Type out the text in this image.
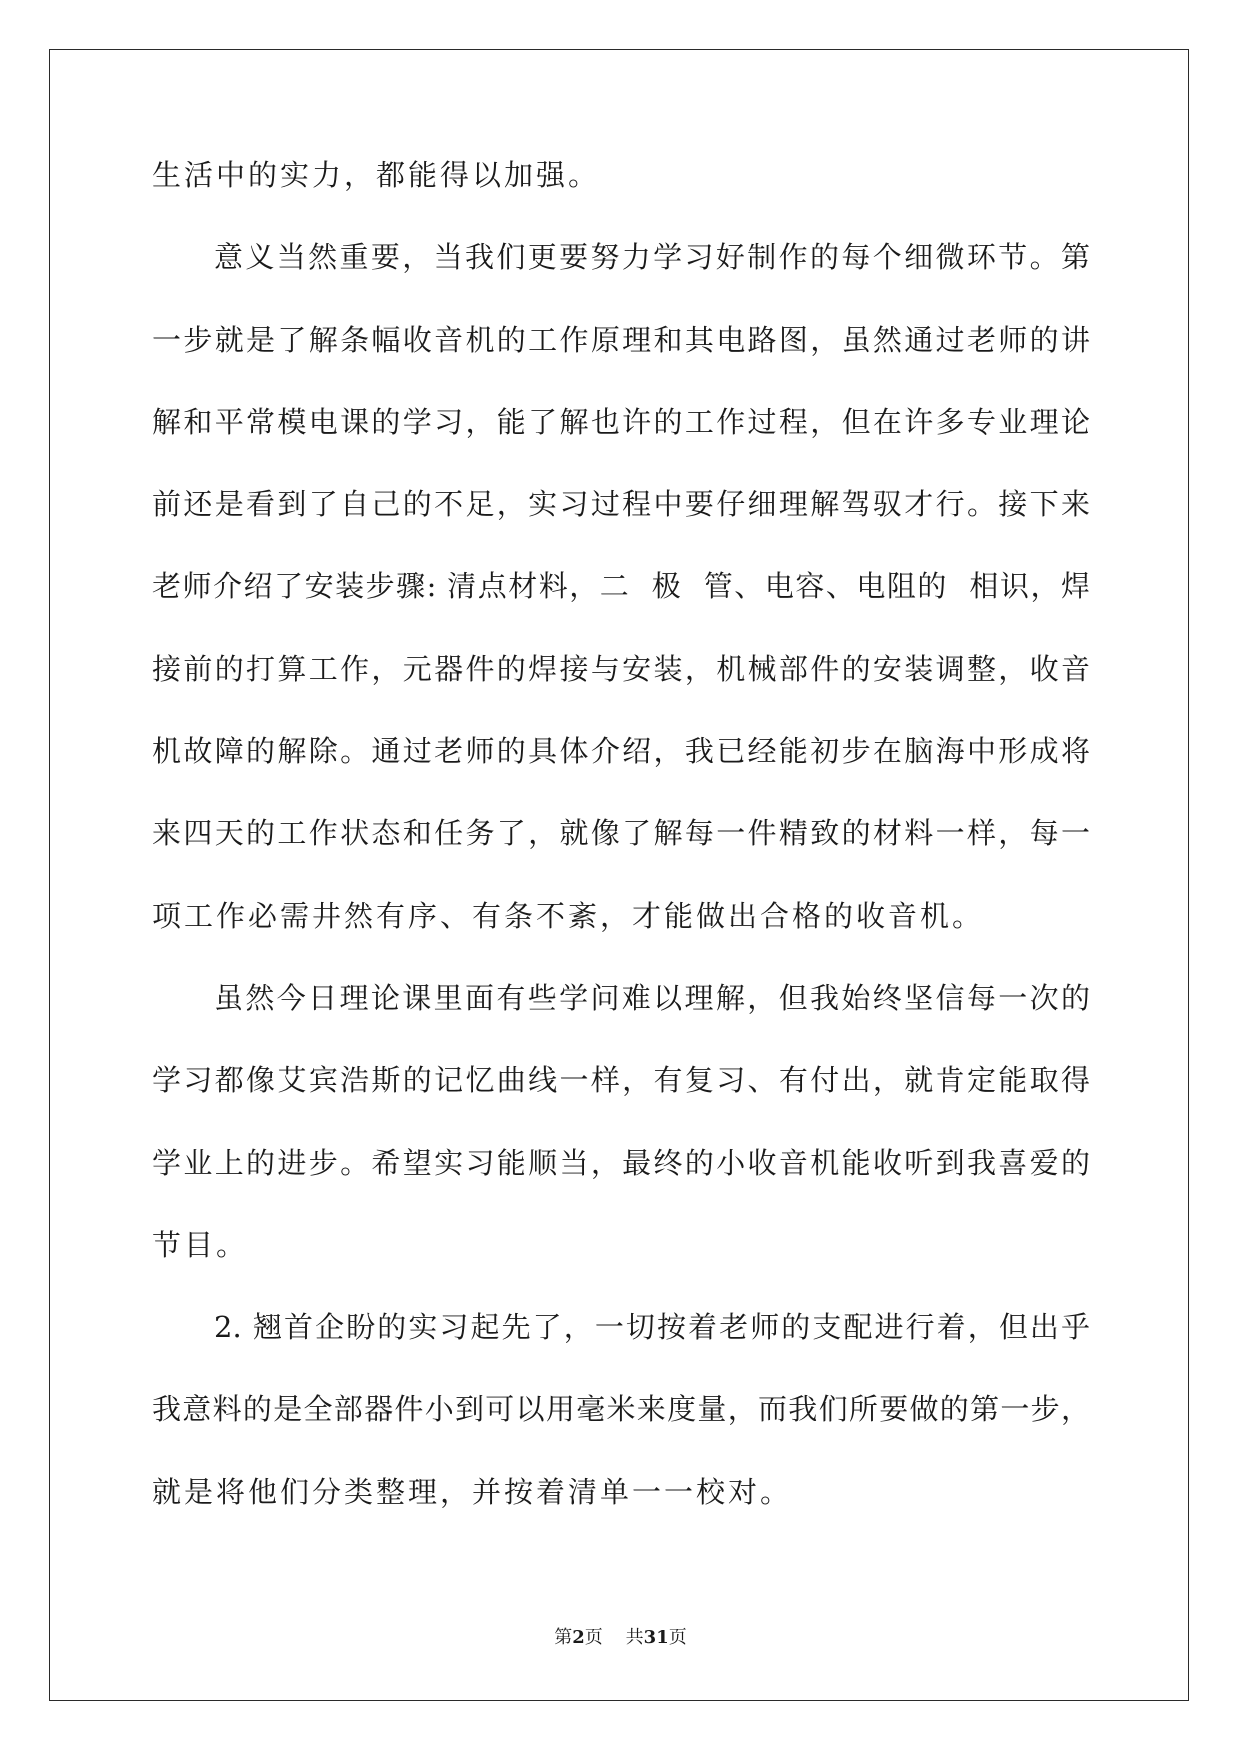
生活中的实力，都能得以加强。
意义当然重要，当我们更要努力学习好制作的每个细微环节。第
一步就是了解条幅收音机的工作原理和其电路图，虽然通过老师的讲
解和平常模电课的学习，能了解也许的工作过程，但在许多专业理论
前还是看到了自己的不足，实习过程中要仔细理解驾驭才行。接下来
老师介绍了安装步骤: 清点材料，二  极  管、电容、电阻的  相识，焊
接前的打算工作，元器件的焊接与安装，机械部件的安装调整，收音
机故障的解除。通过老师的具体介绍，我已经能初步在脑海中形成将
来四天的工作状态和任务了，就像了解每一件精致的材料一样，每一
项工作必需井然有序、有条不紊，才能做出合格的收音机。
虽然今日理论课里面有些学问难以理解，但我始终坚信每一次的
学习都像艾宾浩斯的记忆曲线一样，有复习、有付出，就肯定能取得
学业上的进步。希望实习能顺当，最终的小收音机能收听到我喜爱的
节目。
2. 翘首企盼的实习起先了，一切按着老师的支配进行着，但出乎
我意料的是全部器件小到可以用毫米来度量，而我们所要做的第一步，
就是将他们分类整理，并按着清单一一校对。
第2页    共31页
